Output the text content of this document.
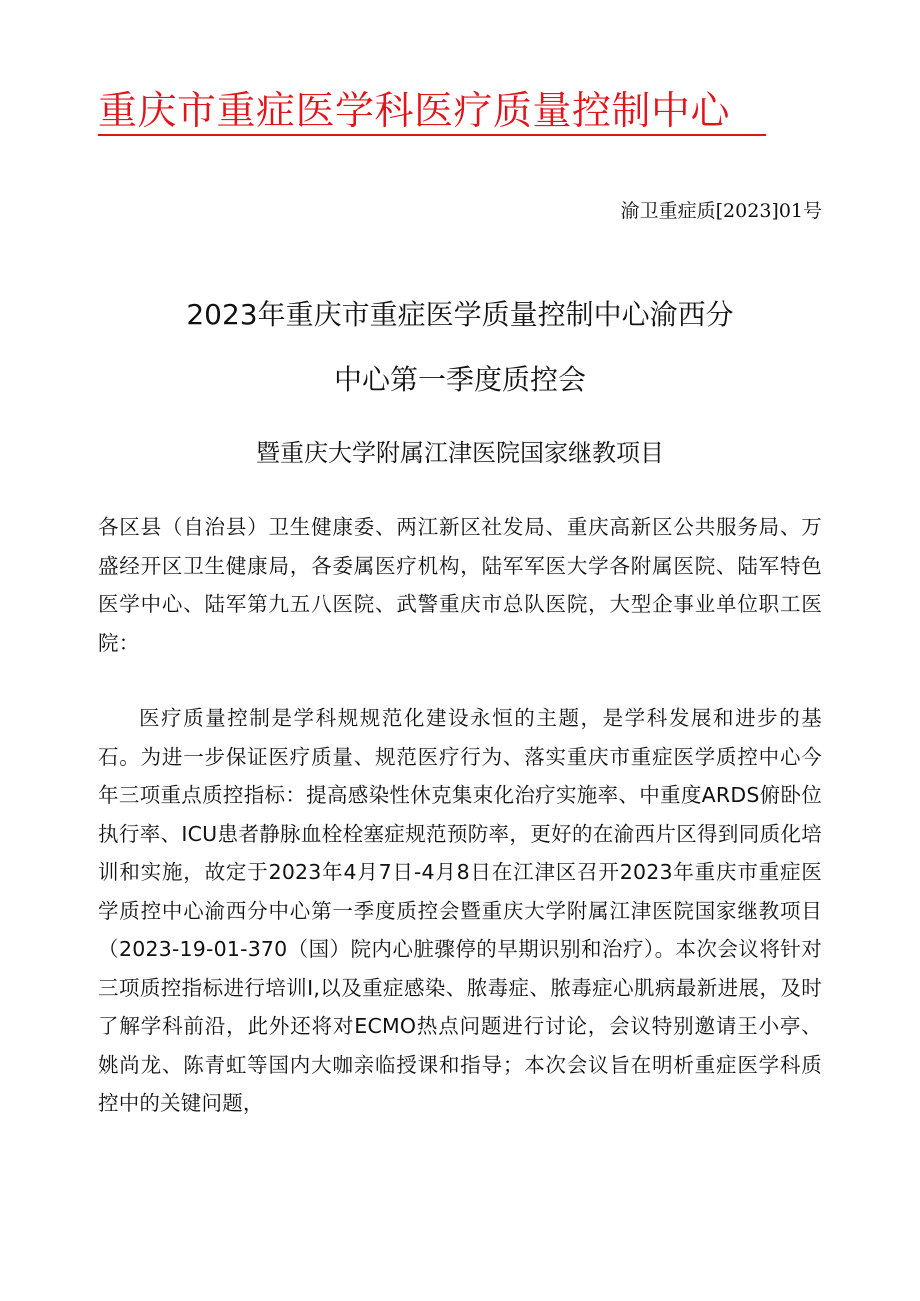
重庆市重症医学科医疗质量控制中心
渝卫重症质[2023]01号
2023年重庆市重症医学质量控制中心渝西分
中心第一季度质控会
暨重庆大学附属江津医院国家继教项目
各区县（自治县）卫生健康委、两江新区社发局、重庆高新区公共服务局、万盛经开区卫生健康局，各委属医疗机构，陆军军医大学各附属医院、陆军特色医学中心、陆军第九五八医院、武警重庆市总队医院，大型企事业单位职工医院：
医疗质量控制是学科规规范化建设永恒的主题，是学科发展和进步的基石。为进一步保证医疗质量、规范医疗行为、落实重庆市重症医学质控中心今年三项重点质控指标：提高感染性休克集束化治疗实施率、中重度ARDS俯卧位执行率、ICU患者静脉血栓栓塞症规范预防率，更好的在渝西片区得到同质化培训和实施，故定于2023年4月7日-4月8日在江津区召开2023年重庆市重症医学质控中心渝西分中心第一季度质控会暨重庆大学附属江津医院国家继教项目（2023-19-01-370（国）院内心脏骤停的早期识别和治疗）。本次会议将针对三项质控指标进行培训I,以及重症感染、脓毒症、脓毒症心肌病最新进展，及时了解学科前沿，此外还将对ECMO热点问题进行讨论，会议特别邀请王小亭、姚尚龙、陈青虹等国内大咖亲临授课和指导；本次会议旨在明析重症医学科质控中的关键问题，
